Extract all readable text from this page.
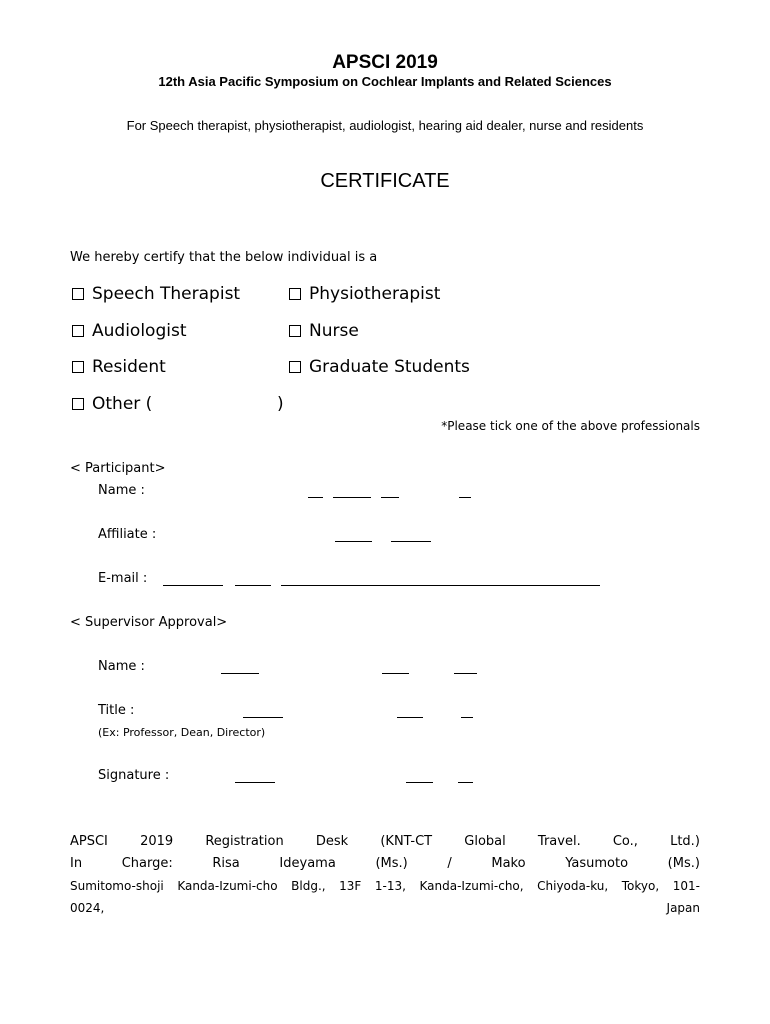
APSCI 2019
12th Asia Pacific Symposium on Cochlear Implants and Related Sciences
For Speech therapist, physiotherapist, audiologist, hearing aid dealer, nurse and residents
CERTIFICATE
We hereby certify that the below individual is a
Speech Therapist	Physiotherapist
Audiologist	Nurse
Resident	Graduate Students
Other (	)
*Please tick one of the above professionals
< Participant>
Name :
Affiliate :
E-mail :
< Supervisor Approval>
Name :
Title :
(Ex: Professor, Dean, Director)
Signature :
APSCI 2019 Registration Desk (KNT-CT Global Travel. Co., Ltd.)
In	Charge:	Risa	Ideyama	(Ms.)	/	Mako	Yasumoto	(Ms.)
Sumitomo-shoji Kanda-Izumi-cho Bldg., 13F 1-13, Kanda-Izumi-cho, Chiyoda-ku, Tokyo, 101-
0024,	Japan
